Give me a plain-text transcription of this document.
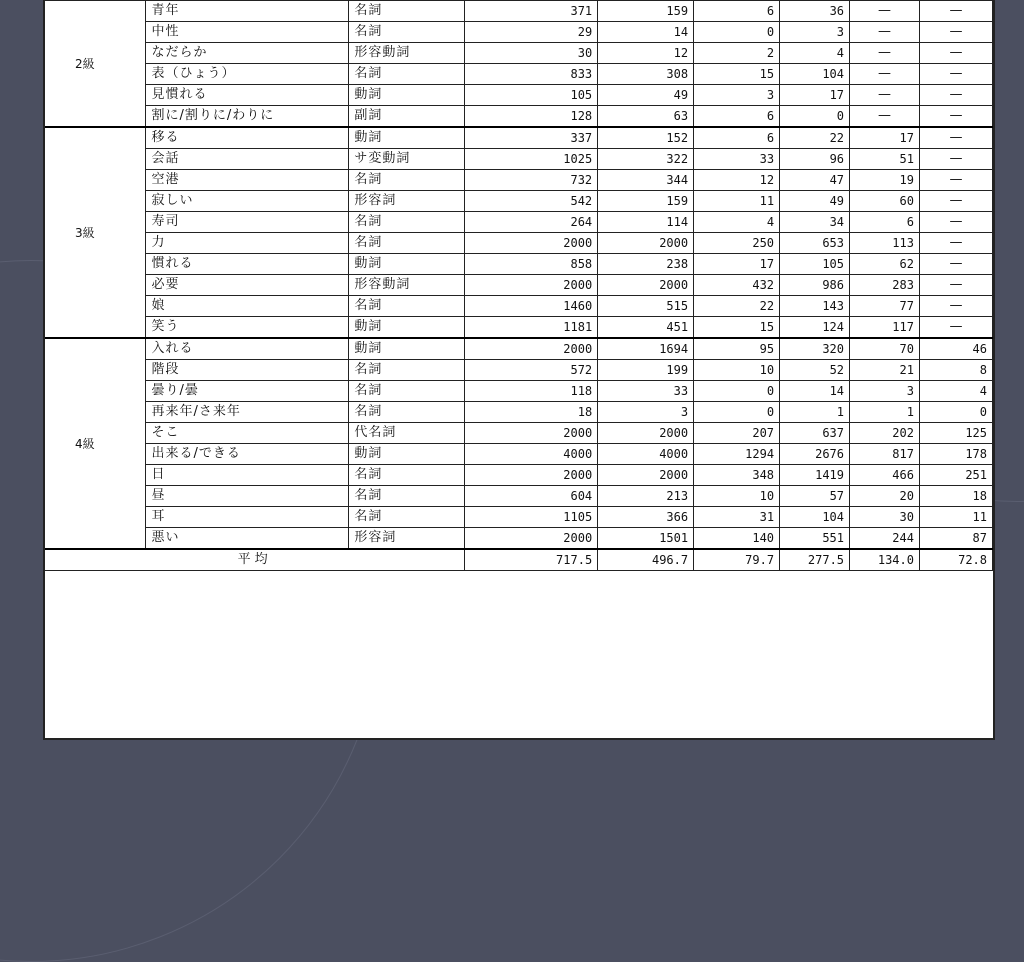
2級	青年	名詞	371	159	6	36	—	—
	中性	名詞	29	14	0	3	—	—
	なだらか	形容動詞	30	12	2	4	—	—
	表（ひょう）	名詞	833	308	15	104	—	—
	見慣れる	動詞	105	49	3	17	—	—
	割に/割りに/わりに	副詞	128	63	6	0	—	—
3級	移る	動詞	337	152	6	22	17	—
	会話	サ変動詞	1025	322	33	96	51	—
	空港	名詞	732	344	12	47	19	—
	寂しい	形容詞	542	159	11	49	60	—
	寿司	名詞	264	114	4	34	6	—
	力	名詞	2000	2000	250	653	113	—
	慣れる	動詞	858	238	17	105	62	—
	必要	形容動詞	2000	2000	432	986	283	—
	娘	名詞	1460	515	22	143	77	—
	笑う	動詞	1181	451	15	124	117	—
4級	入れる	動詞	2000	1694	95	320	70	46
	階段	名詞	572	199	10	52	21	8
	曇り/曇	名詞	118	33	0	14	3	4
	再来年/さ来年	名詞	18	3	0	1	1	0
	そこ	代名詞	2000	2000	207	637	202	125
	出来る/できる	動詞	4000	4000	1294	2676	817	178
	日	名詞	2000	2000	348	1419	466	251
	昼	名詞	604	213	10	57	20	18
	耳	名詞	1105	366	31	104	30	11
	悪い	形容詞	2000	1501	140	551	244	87
平均			717.5	496.7	79.7	277.5	134.0	72.8
